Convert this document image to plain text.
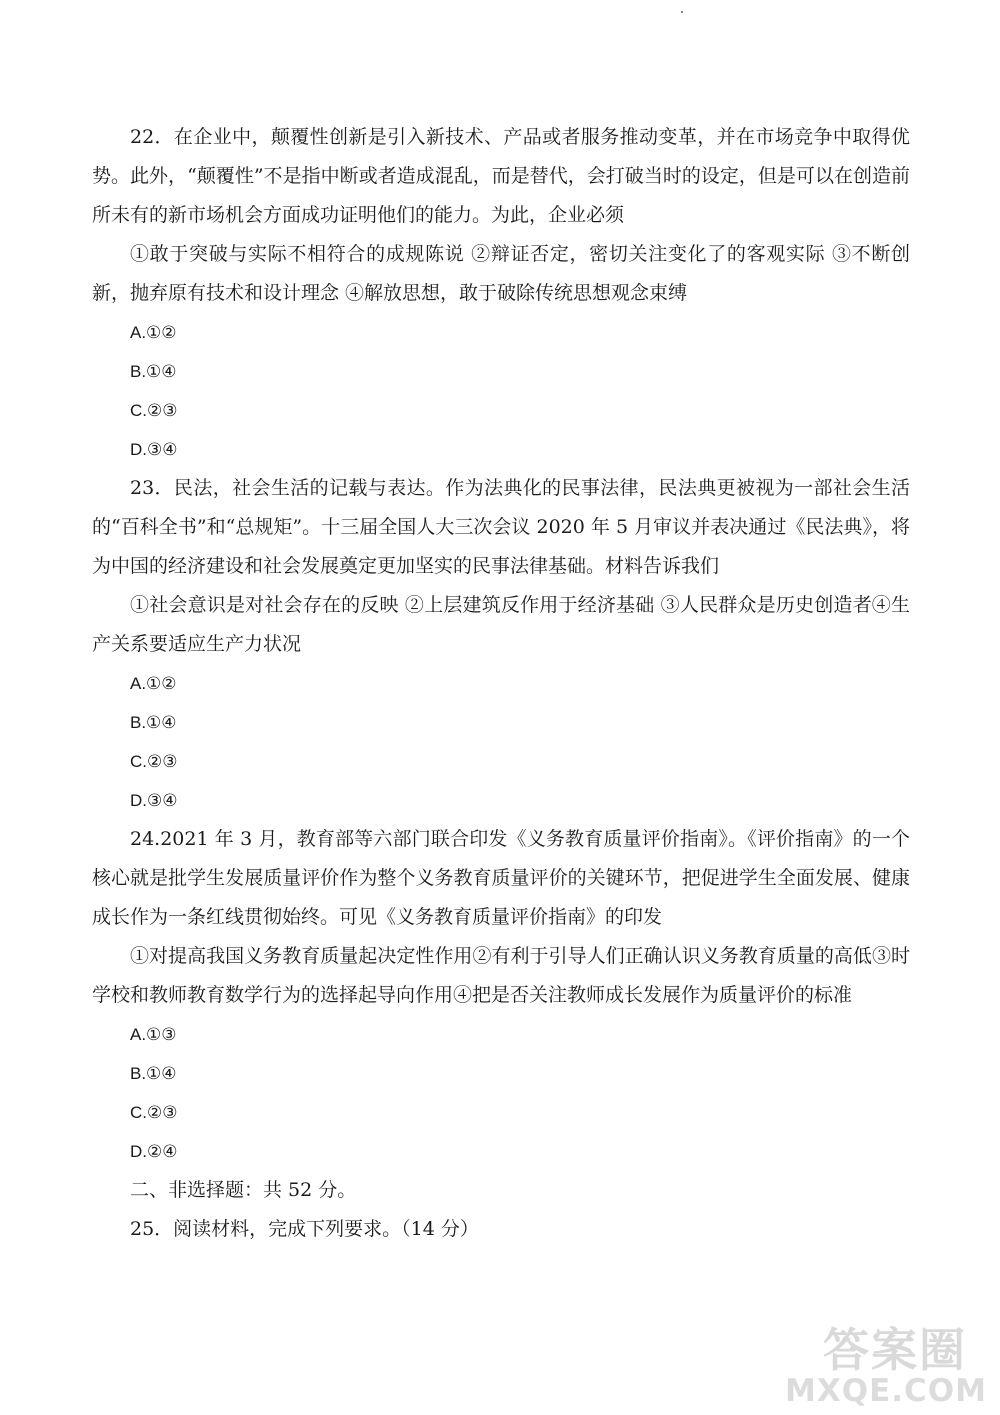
22．在企业中，颠覆性创新是引入新技术、产品或者服务推动变革，并在市场竞争中取得优势。此外，“颠覆性”不是指中断或者造成混乱，而是替代，会打破当时的设定，但是可以在创造前所未有的新市场机会方面成功证明他们的能力。为此，企业必须

①敢于突破与实际不相符合的成规陈说 ②辩证否定，密切关注变化了的客观实际 ③不断创新，抛弃原有技术和设计理念 ④解放思想，敢于破除传统思想观念束缚

A.①②
B.①④
C.②③
D.③④

23．民法，社会生活的记载与表达。作为法典化的民事法律，民法典更被视为一部社会生活的“百科全书”和“总规矩”。十三届全国人大三次会议 2020 年 5 月审议并表决通过《民法典》，将为中国的经济建设和社会发展奠定更加坚实的民事法律基础。材料告诉我们

①社会意识是对社会存在的反映 ②上层建筑反作用于经济基础 ③人民群众是历史创造者④生产关系要适应生产力状况

A.①②
B.①④
C.②③
D.③④

24.2021 年 3 月，教育部等六部门联合印发《义务教育质量评价指南》。《评价指南》的一个核心就是批学生发展质量评价作为整个义务教育质量评价的关键环节，把促进学生全面发展、健康成长作为一条红线贯彻始终。可见《义务教育质量评价指南》的印发

①对提高我国义务教育质量起决定性作用②有利于引导人们正确认识义务教育质量的高低③时学校和教师教育数学行为的选择起导向作用④把是否关注教师成长发展作为质量评价的标准

A.①③
B.①④
C.②③
D.②④

二、非选择题：共 52 分。

25．阅读材料，完成下列要求。（14 分）

答案圈
MXQE.COM
